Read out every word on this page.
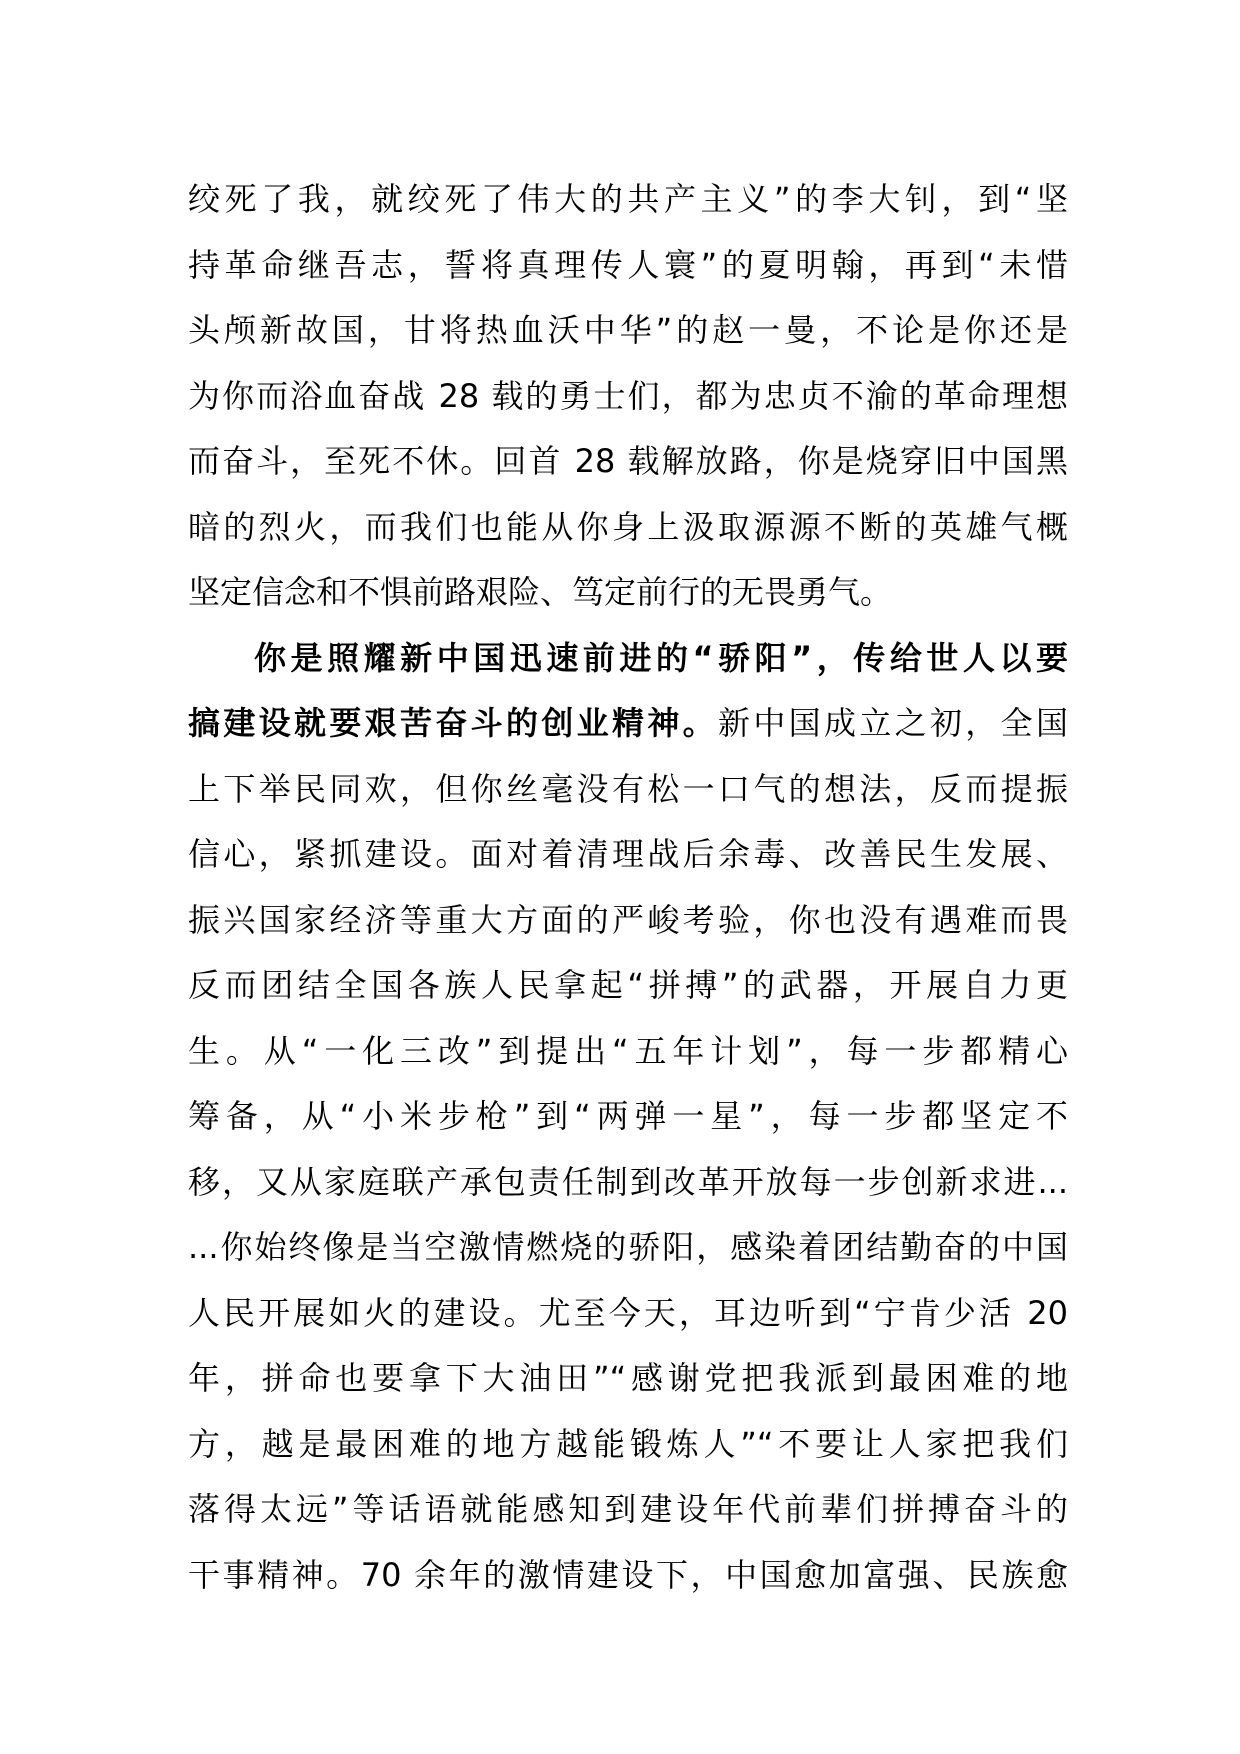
绞死了我，就绞死了伟大的共产主义”的李大钊，到“坚
持革命继吾志，誓将真理传人寰”的夏明翰，再到“未惜
头颅新故国，甘将热血沃中华”的赵一曼，不论是你还是
为你而浴血奋战 28 载的勇士们，都为忠贞不渝的革命理想
而奋斗，至死不休。回首 28 载解放路，你是烧穿旧中国黑
暗的烈火，而我们也能从你身上汲取源源不断的英雄气概
坚定信念和不惧前路艰险、笃定前行的无畏勇气。
你是照耀新中国迅速前进的“骄阳”，传给世人以要
搞建设就要艰苦奋斗的创业精神。新中国成立之初，全国
上下举民同欢，但你丝毫没有松一口气的想法，反而提振
信心，紧抓建设。面对着清理战后余毒、改善民生发展、
振兴国家经济等重大方面的严峻考验，你也没有遇难而畏
反而团结全国各族人民拿起“拼搏”的武器，开展自力更
生。从“一化三改”到提出“五年计划”，每一步都精心
筹备，从“小米步枪”到“两弹一星”，每一步都坚定不
移，又从家庭联产承包责任制到改革开放每一步创新求进...
...你始终像是当空激情燃烧的骄阳，感染着团结勤奋的中国
人民开展如火的建设。尤至今天，耳边听到“宁肯少活 20
年，拼命也要拿下大油田”“感谢党把我派到最困难的地
方，越是最困难的地方越能锻炼人”“不要让人家把我们
落得太远”等话语就能感知到建设年代前辈们拼搏奋斗的
干事精神。70 余年的激情建设下，中国愈加富强、民族愈
